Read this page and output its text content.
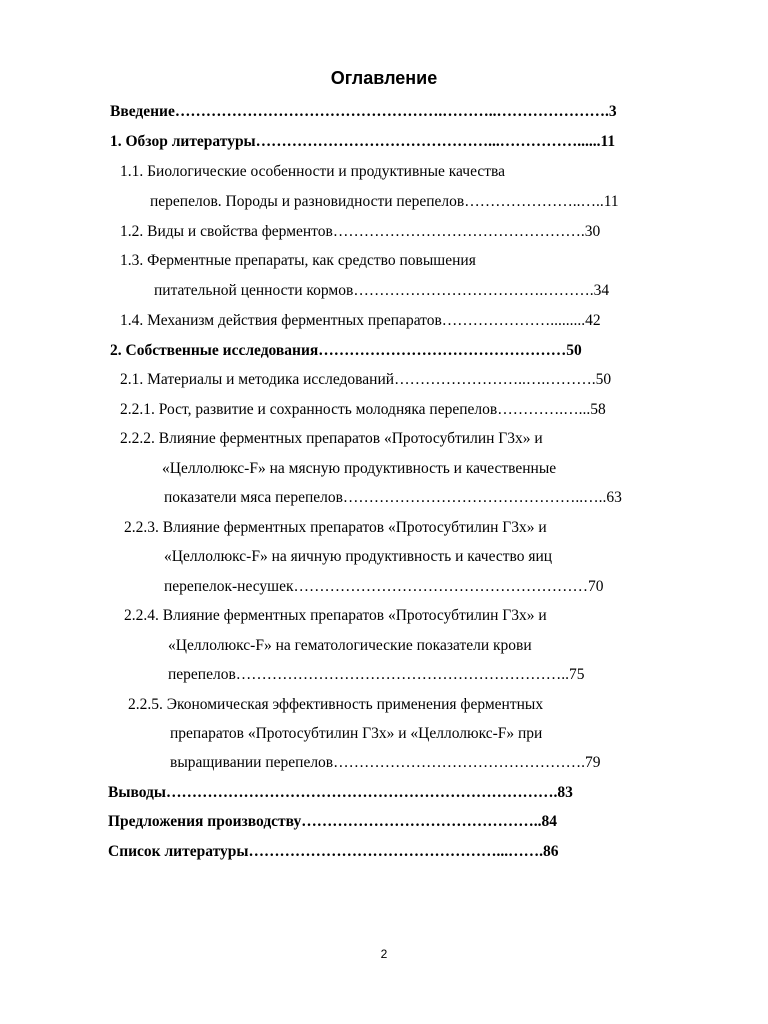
Оглавление
Введение…………………………………………….………..………………….3
1. Обзор литературы………………………………………...……………......11
1.1. Биологические особенности и продуктивные качества
перепелов. Породы и разновидности перепелов…………………..…..11
1.2. Виды и свойства ферментов………………………………………….30
1.3. Ферментные препараты, как средство повышения
питательной ценности кормов……………………………….……….34
1.4. Механизм действия ферментных препаратов………………….........42
2. Собственные исследования…………………………………………50
2.1. Материалы и методика исследований……………………..….……….50
2.2.1. Рост, развитие и сохранность молодняка перепелов………….…...58
2.2.2. Влияние ферментных препаратов «Протосубтилин Г3х» и
«Целлолюкс-F» на мясную продуктивность и качественные
показатели мяса перепелов………………………………………..…..63
2.2.3. Влияние ферментных препаратов «Протосубтилин Г3х» и
«Целлолюкс-F» на яичную продуктивность и качество яиц
перепелок-несушек…………………………………………………70
2.2.4. Влияние ферментных препаратов «Протосубтилин Г3х» и
«Целлолюкс-F» на гематологические показатели крови
перепелов………………………………………………………..75
2.2.5. Экономическая эффективность применения ферментных
препаратов «Протосубтилин Г3х» и «Целлолюкс-F» при
выращивании перепелов………………………………………….79
Выводы………………………………………………………………….83
Предложения производству………………………………………..84
Список литературы…………………………………………...…….86
2
